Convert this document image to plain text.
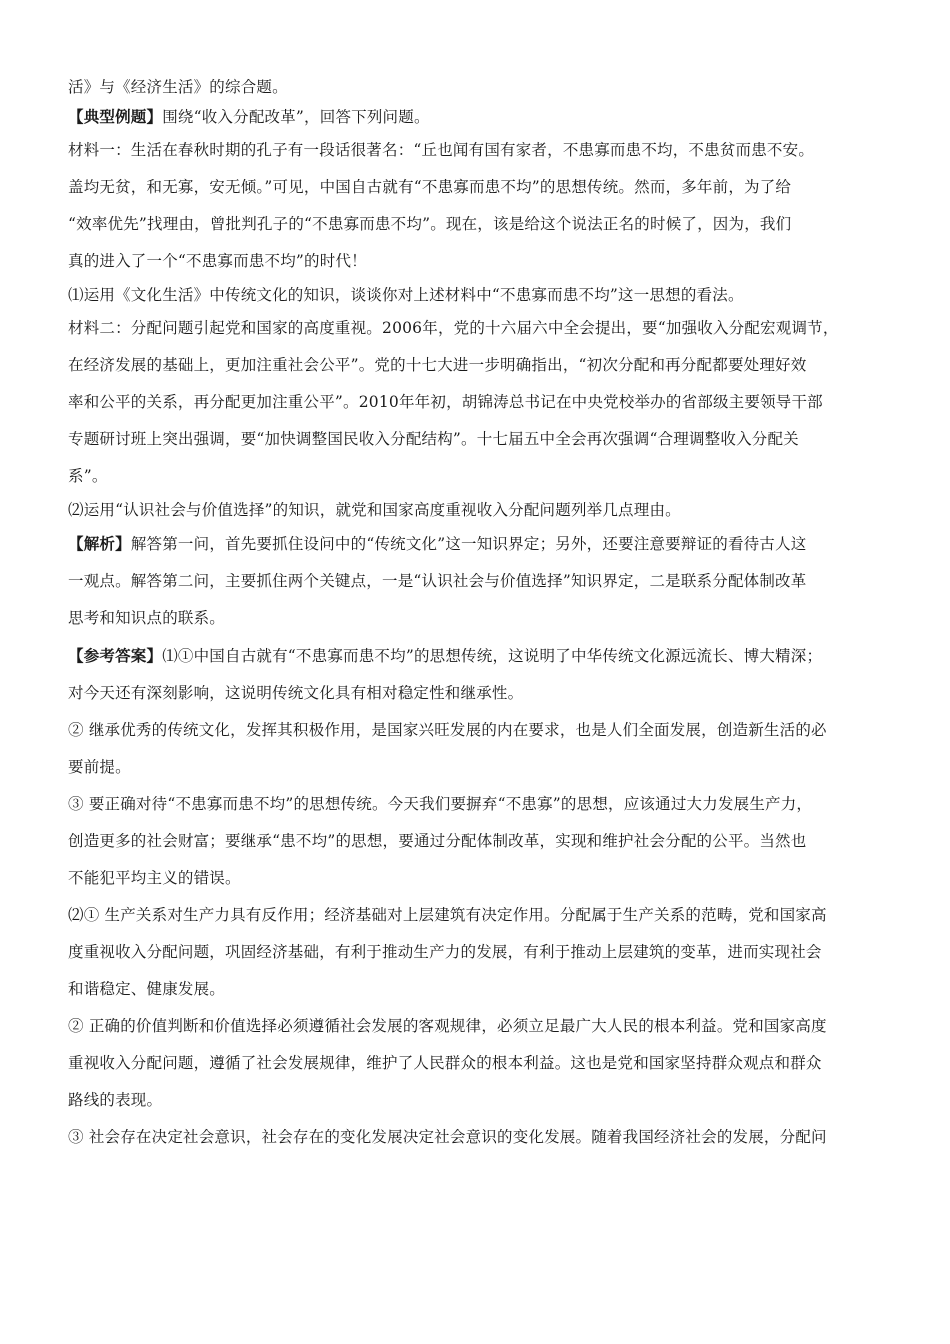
活》与《经济生活》的综合题。

【典型例题】围绕“收入分配改革”，回答下列问题。

材料一：生活在春秋时期的孔子有一段话很著名：“丘也闻有国有家者，不患寡而患不均，不患贫而患不安。

盖均无贫，和无寡，安无倾。”可见，中国自古就有“不患寡而患不均”的思想传统。然而，多年前，为了给

“效率优先”找理由，曾批判孔子的“不患寡而患不均”。现在，该是给这个说法正名的时候了，因为，我们

真的进入了一个“不患寡而患不均”的时代！

⑴运用《文化生活》中传统文化的知识，谈谈你对上述材料中“不患寡而患不均”这一思想的看法。

材料二：分配问题引起党和国家的高度重视。2006年，党的十六届六中全会提出，要“加强收入分配宏观调节，

在经济发展的基础上，更加注重社会公平”。党的十七大进一步明确指出，“初次分配和再分配都要处理好效

率和公平的关系，再分配更加注重公平”。2010年年初，胡锦涛总书记在中央党校举办的省部级主要领导干部

专题研讨班上突出强调，要“加快调整国民收入分配结构”。十七届五中全会再次强调“合理调整收入分配关

系”。

⑵运用“认识社会与价值选择”的知识，就党和国家高度重视收入分配问题列举几点理由。

【解析】解答第一问，首先要抓住设问中的“传统文化”这一知识界定；另外，还要注意要辩证的看待古人这

一观点。解答第二问，主要抓住两个关键点，一是“认识社会与价值选择”知识界定，二是联系分配体制改革

思考和知识点的联系。

【参考答案】⑴①中国自古就有“不患寡而患不均”的思想传统，这说明了中华传统文化源远流长、博大精深；

对今天还有深刻影响，这说明传统文化具有相对稳定性和继承性。

② 继承优秀的传统文化，发挥其积极作用，是国家兴旺发展的内在要求，也是人们全面发展，创造新生活的必

要前提。

③ 要正确对待“不患寡而患不均”的思想传统。今天我们要摒弃“不患寡”的思想，应该通过大力发展生产力，

创造更多的社会财富；要继承“患不均”的思想，要通过分配体制改革，实现和维护社会分配的公平。当然也

不能犯平均主义的错误。

⑵① 生产关系对生产力具有反作用；经济基础对上层建筑有决定作用。分配属于生产关系的范畴，党和国家高

度重视收入分配问题，巩固经济基础，有利于推动生产力的发展，有利于推动上层建筑的变革，进而实现社会

和谐稳定、健康发展。

② 正确的价值判断和价值选择必须遵循社会发展的客观规律，必须立足最广大人民的根本利益。党和国家高度

重视收入分配问题，遵循了社会发展规律，维护了人民群众的根本利益。这也是党和国家坚持群众观点和群众

路线的表现。

③ 社会存在决定社会意识，社会存在的变化发展决定社会意识的变化发展。随着我国经济社会的发展，分配问
